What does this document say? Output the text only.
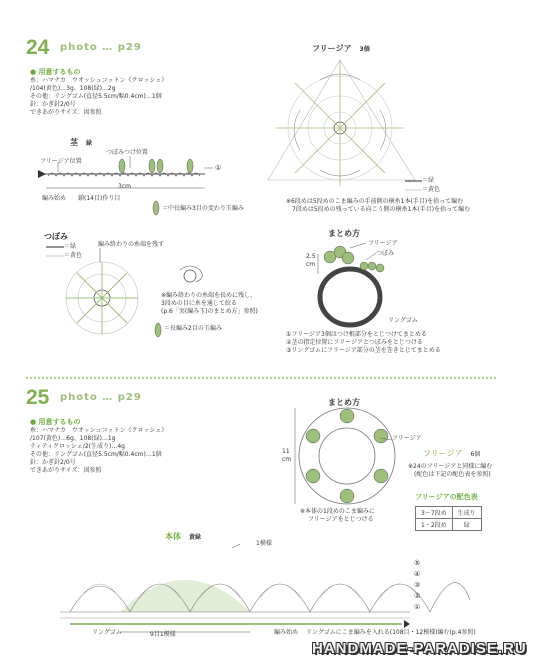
24 photo … p29
● 用意するもの
糸：ハマナカ　ウオッシュコットン《クロッシェ》
/104(黄色)…3g、108(緑)…2g
その他：リングゴム(直径5.5cm/幅0.4cm)…1個
針：かぎ針2/0号
できあがりサイズ：図参照
茎　 緑
つぼみつけ位置
フリージア位置
①
3cm
編み始め 鎖(14目)作り目
＝中長編み3目の変わり玉編み
つぼみ
＝緑
＝黄色
編み終わりの糸端を残す
※編み終わりの糸端を長めに残し、
3段めの目に糸を通して絞る
(p.6「実(編み玉)のまとめ方」参照)
＝長編み2目の玉編み
フリージア　 3個
＝緑
＝黄色
※6段めは5段めのこま編みの手前側の横糸1本(手目)を拾って編む
7段めは5段めの残っている向こう側の横糸1本(手目)を拾って編む
まとめ方
フリージア
つぼみ
2.5
cm
リングゴム
①フリージア3個はつけ根部分をとじつけてまとめる
②茎の指定位置にフリージアとつぼみをとじつける
③リングゴムにフリージア部分の茎を巻きとじてまとめる
25 photo … p29
● 用意するもの
糸：ハマナカ　ウオッシュコットン《クロッシェ》
/107(黄色)…6g、108(緑)…1g
ティティクロッシェ/2(生成り)…4g
その他：リングゴム(直径5.5cm/幅0.4cm)…1個
針：かぎ針2/0号
できあがりサイズ：図参照
まとめ方
フリージア
11
cm
※本体の1段めのこま編みに
フリージアをとじつける
フリージア　 6個
※24のフリージアと同様に編む
(配色は下記の配色表を参照)
フリージアの配色表
3〜7段め	生成り
1・2段め	緑
本体　 黄緑
1模様
⑤
④
③
②
①
リングゴム	9目1模様	編み始め リングゴムにこま編みを入れる(108目・12模様)編む(p.4参照)
HANDMADE-PARADISE.RU
